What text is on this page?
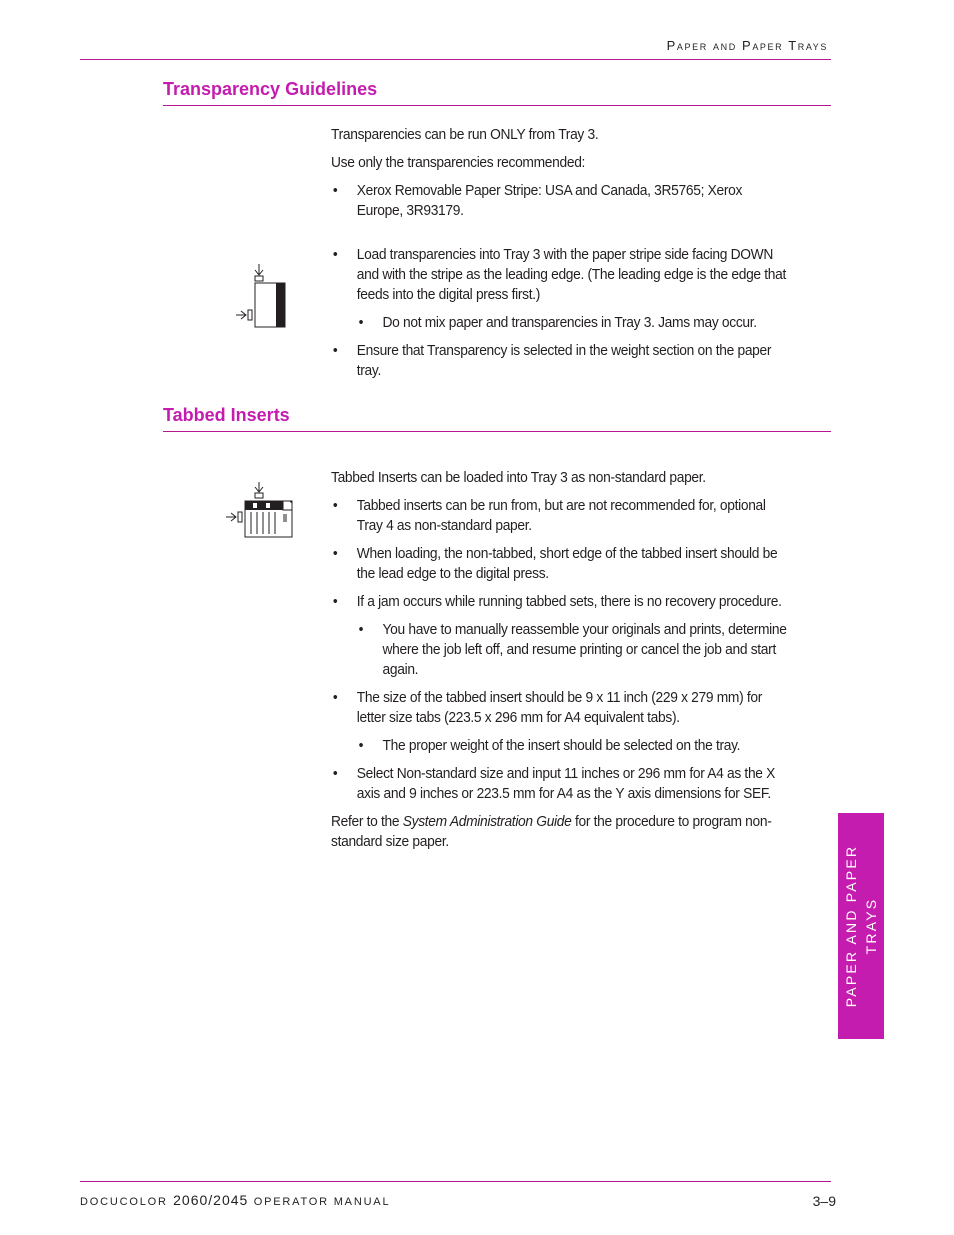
Paper and Paper Trays
Transparency Guidelines

Transparencies can be run ONLY from Tray 3.

Use only the transparencies recommended:

• Xerox Removable Paper Stripe: USA and Canada, 3R5765; Xerox Europe, 3R93179.
• Load transparencies into Tray 3 with the paper stripe side facing DOWN and with the stripe as the leading edge. (The leading edge is the edge that feeds into the digital press first.)
• Do not mix paper and transparencies in Tray 3. Jams may occur.
• Ensure that Transparency is selected in the weight section on the paper tray.
Tabbed Inserts

Tabbed Inserts can be loaded into Tray 3 as non-standard paper.

• Tabbed inserts can be run from, but are not recommended for, optional Tray 4 as non-standard paper.
• When loading, the non-tabbed, short edge of the tabbed insert should be the lead edge to the digital press.
• If a jam occurs while running tabbed sets, there is no recovery procedure.
• You have to manually reassemble your originals and prints, determine where the job left off, and resume printing or cancel the job and start again.
• The size of the tabbed insert should be 9 x 11 inch (229 x 279 mm) for letter size tabs (223.5 x 296 mm for A4 equivalent tabs).
• The proper weight of the insert should be selected on the tray.
• Select Non-standard size and input 11 inches or 296 mm for A4 as the X axis and 9 inches or 223.5 mm for A4 as the Y axis dimensions for SEF.

Refer to the System Administration Guide for the procedure to program non-standard size paper.

PAPER AND PAPER
TRAYS
DOCUCOLOR 2060/2045 OPERATOR MANUAL	3–9
